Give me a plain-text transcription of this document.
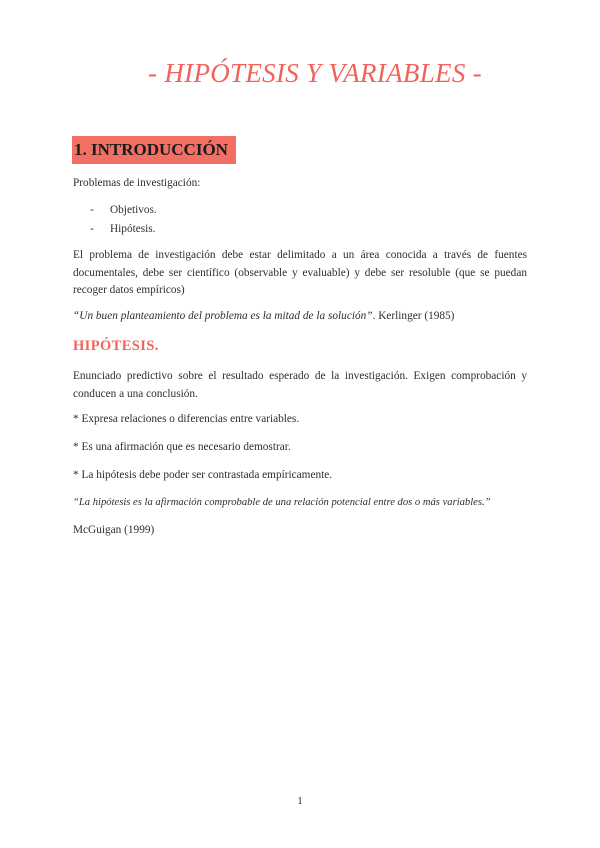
- HIPÓTESIS Y VARIABLES -
1. INTRODUCCIÓN
Problemas de investigación:
- Objetivos.
- Hipótesis.
El problema de investigación debe estar delimitado a un área conocida a través de fuentes documentales, debe ser científico (observable y evaluable) y debe ser resoluble (que se puedan recoger datos empíricos)
“Un buen planteamiento del problema es la mitad de la solución”. Kerlinger (1985)
HIPÓTESIS.
Enunciado predictivo sobre el resultado esperado de la investigación. Exigen comprobación y conducen a una conclusión.
* Expresa relaciones o diferencias entre variables.
* Es una afirmación que es necesario demostrar.
* La hipótesis debe poder ser contrastada empíricamente.
“La hipótesis es la afirmación comprobable de una relación potencial entre dos o más variables.”
McGuigan (1999)
1
